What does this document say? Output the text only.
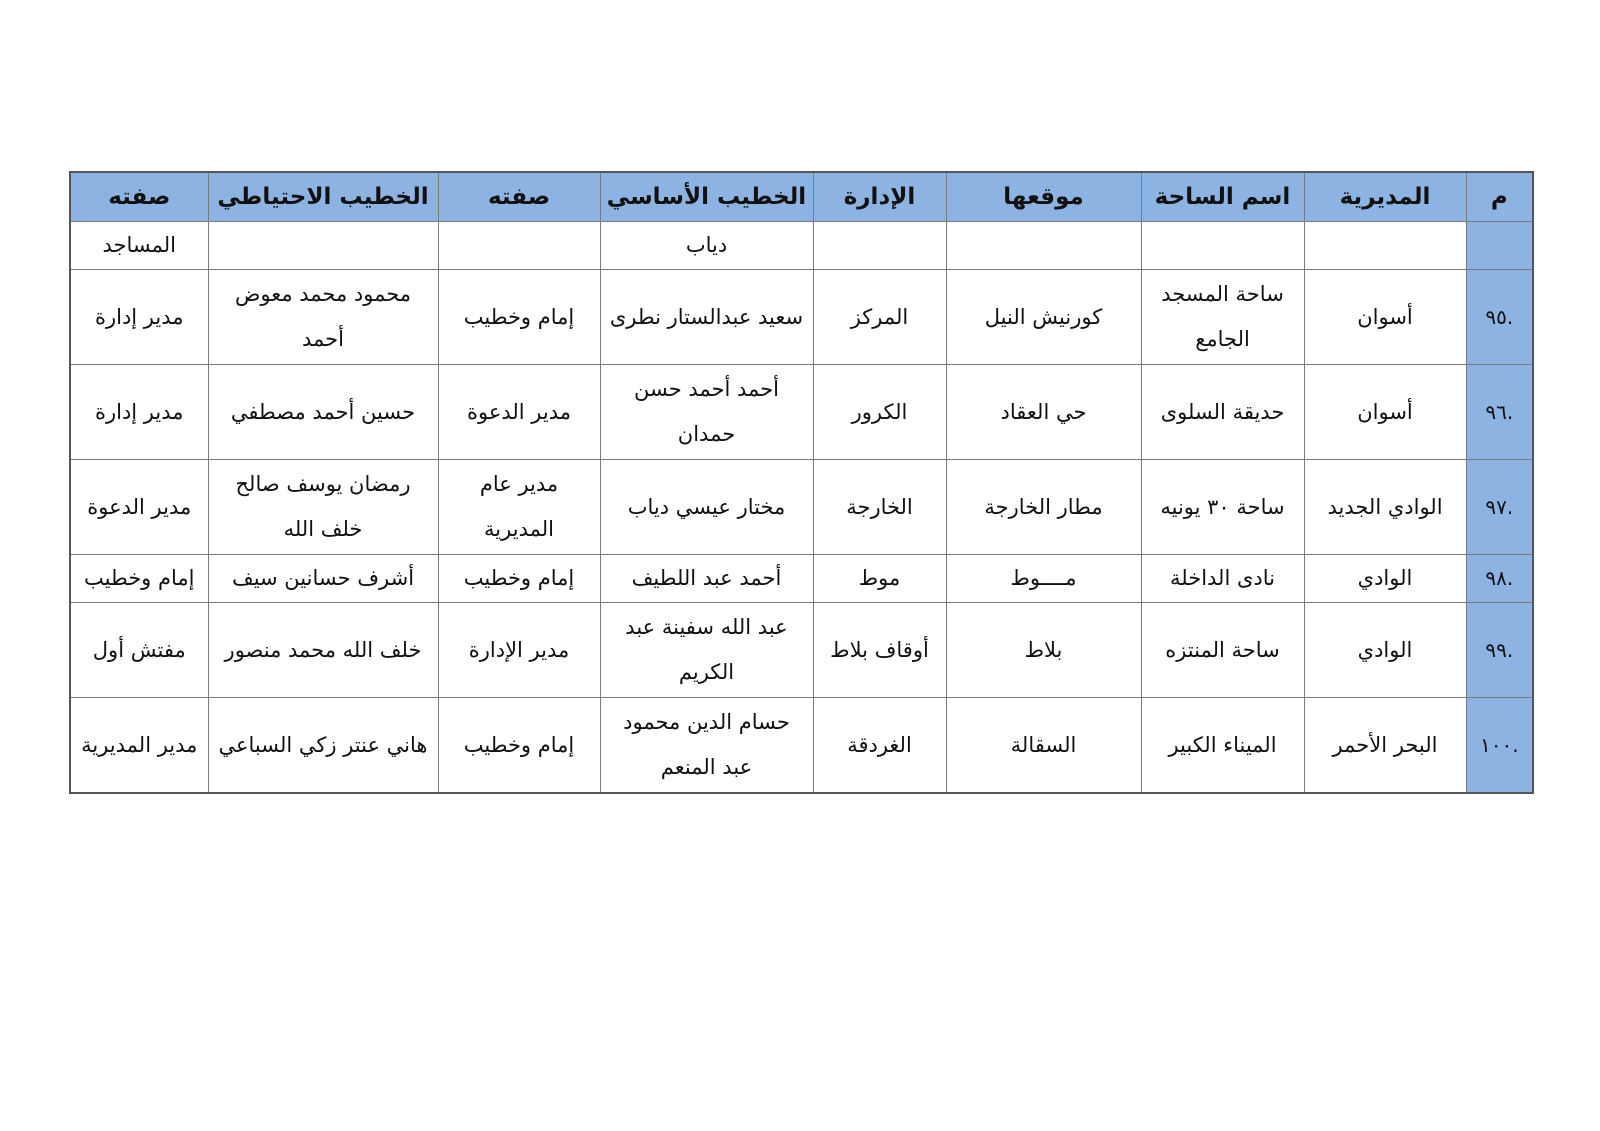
م	المديرية	اسم الساحة	موقعها	الإدارة	الخطيب الأساسي	صفته	الخطيب الاحتياطي	صفته
					دياب			المساجد
.٩٥	أسوان	ساحة المسجد الجامع	كورنيش النيل	المركز	سعيد عبدالستار نطرى	إمام وخطيب	محمود محمد معوض أحمد	مدير إدارة
.٩٦	أسوان	حديقة السلوى	حي العقاد	الكرور	أحمد أحمد حسن حمدان	مدير الدعوة	حسين أحمد مصطفي	مدير إدارة
.٩٧	الوادي الجديد	ساحة ٣٠ يونيه	مطار الخارجة	الخارجة	مختار عيسي دياب	مدير عام المديرية	رمضان يوسف صالح خلف الله	مدير الدعوة
.٩٨	الوادي	نادى الداخلة	مــــوط	موط	أحمد عبد اللطيف	إمام وخطيب	أشرف حسانين سيف	إمام وخطيب
.٩٩	الوادي	ساحة المنتزه	بلاط	أوقاف بلاط	عبد الله سفينة عبد الكريم	مدير الإدارة	خلف الله محمد منصور	مفتش أول
.١٠٠	البحر الأحمر	الميناء الكبير	السقالة	الغردقة	حسام الدين محمود عبد المنعم	إمام وخطيب	هاني عنتر زكي السباعي	مدير المديرية
